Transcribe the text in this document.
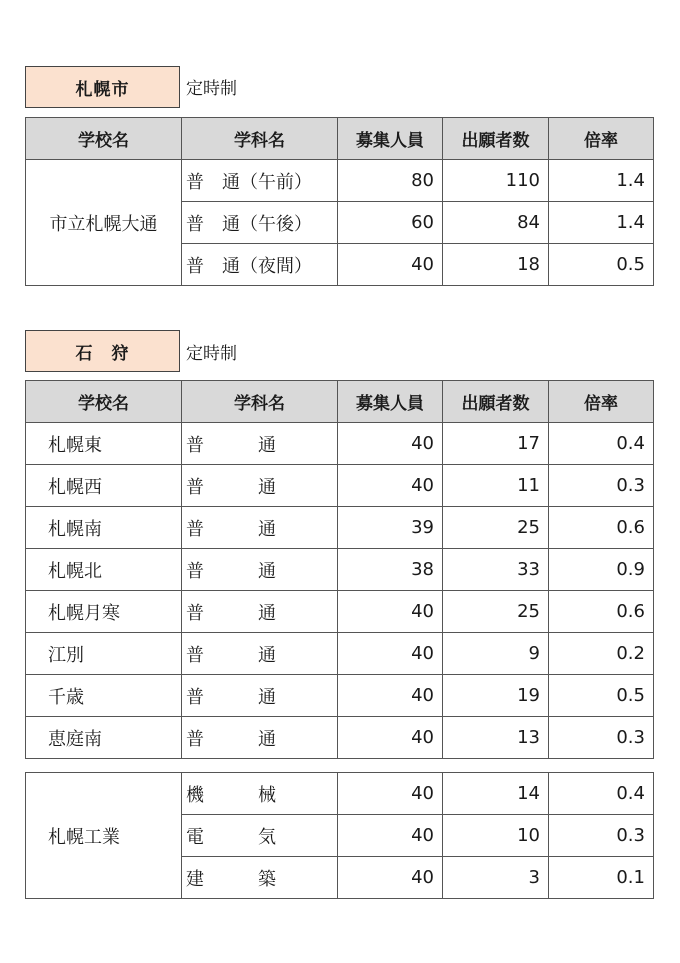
札幌市	定時制
学校名	学科名	募集人員	出願者数	倍率
市立札幌大通	普　通（午前）	80	110	1.4
	普　通（午後）	60	84	1.4
	普　通（夜間）	40	18	0.5
石　狩	定時制
学校名	学科名	募集人員	出願者数	倍率
札幌東	普　　　通	40	17	0.4
札幌西	普　　　通	40	11	0.3
札幌南	普　　　通	39	25	0.6
札幌北	普　　　通	38	33	0.9
札幌月寒	普　　　通	40	25	0.6
江別	普　　　通	40	9	0.2
千歳	普　　　通	40	19	0.5
恵庭南	普　　　通	40	13	0.3
札幌工業	機　　　械	40	14	0.4
	電　　　気	40	10	0.3
	建　　　築	40	3	0.1
